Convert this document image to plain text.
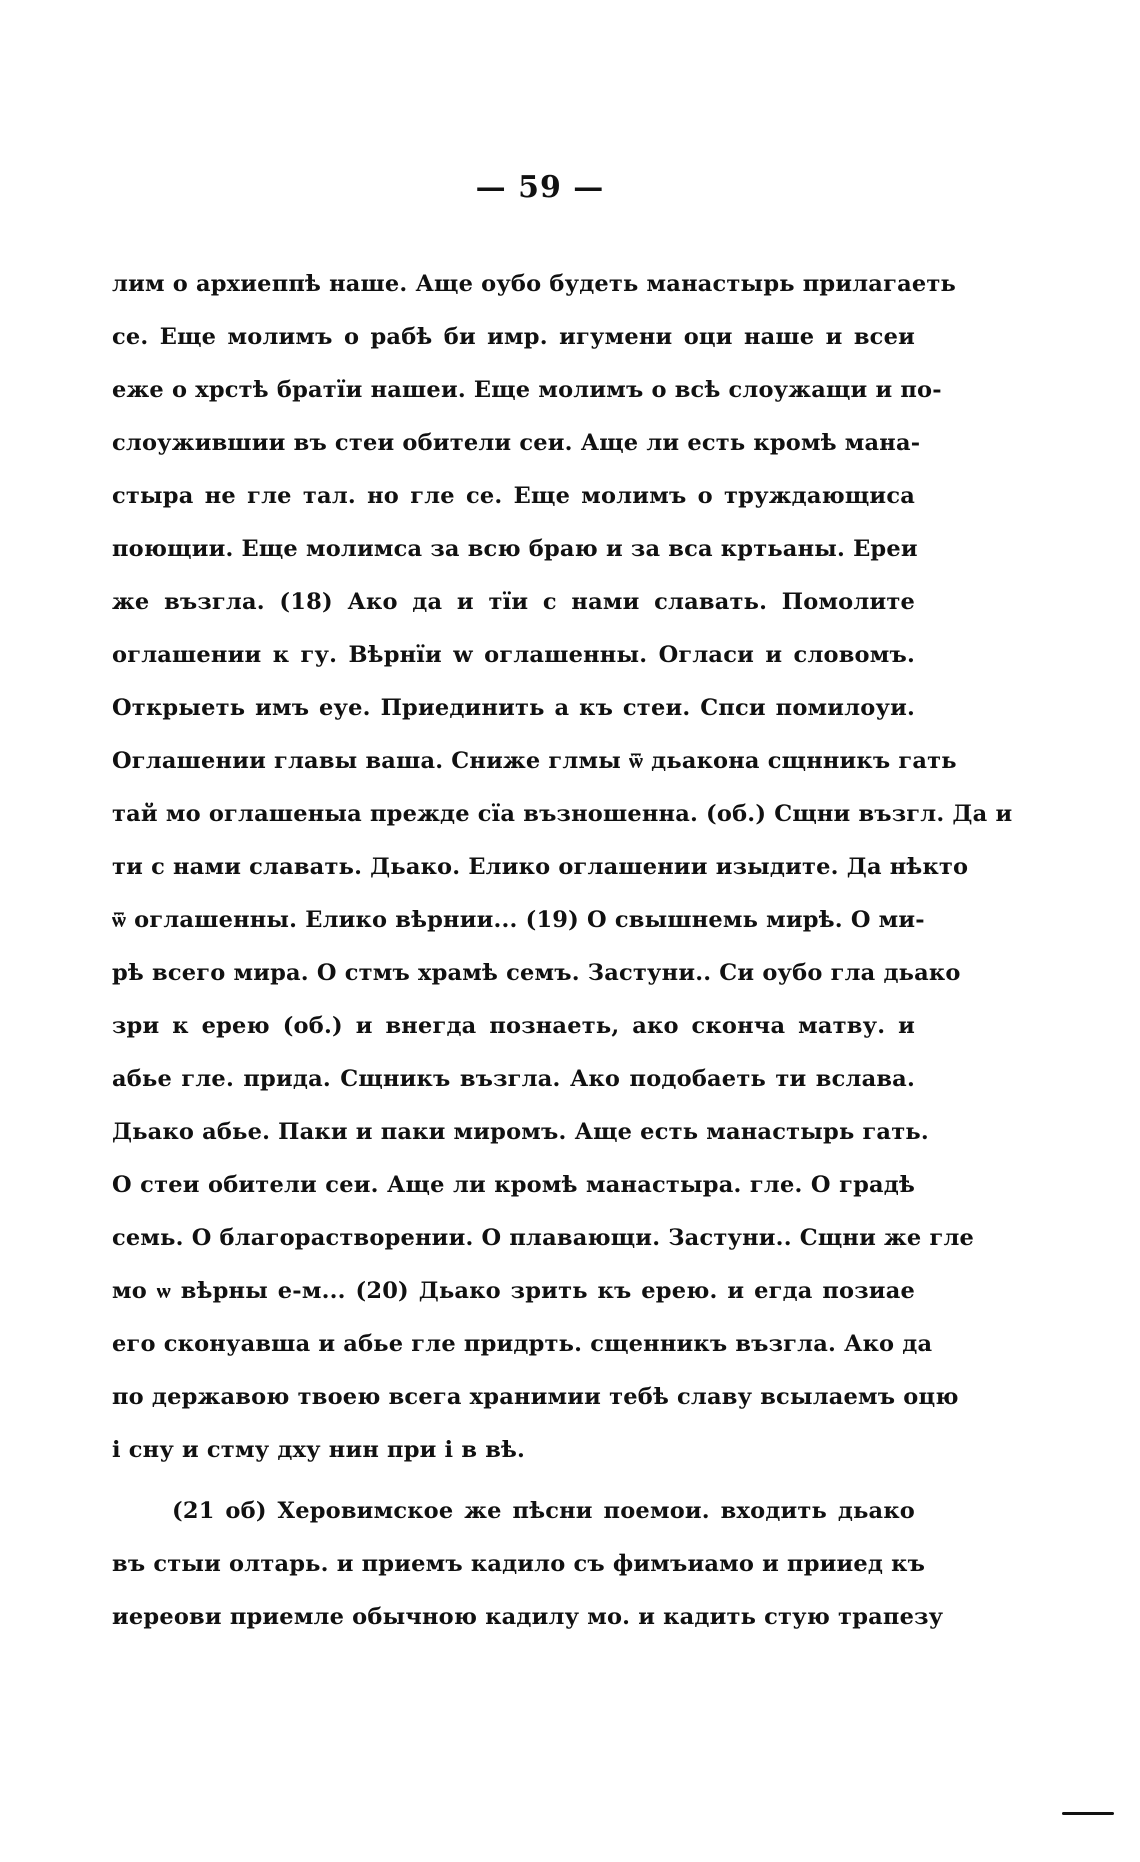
— 59 —
лим о архиеппѣ наше. Аще оубо будеть манастырь прилагаеть
се. Еще молимъ о рабѣ би имр. игумени оци наше и всеи
еже о хрстѣ братїи нашеи. Еще молимъ о всѣ слоужащи и по-
слоужившии въ стеи обители сеи. Аще ли есть кромѣ мана-
стыра не гле тал. но гле се. Еще молимъ о труждающиса
поющии. Еще молимса за всю браю и за вса кртьаны. Ереи
же възгла. (18) Ако да и тїи с нами славать. Помолите
оглашении к гу. Вѣрнїи w оглашенны. Огласи и словомъ.
Открыеть имъ еуе. Приединить а къ стеи. Спси помилоуи.
Оглашении главы ваша. Сниже глмы ѿ дьакона сщнникъ гать
тай мо оглашеныа прежде сїа възношенна. (об.) Сщни възгл. Да и
ти с нами славать. Дьако. Елико оглашении изыдите. Да нѣкто
ѿ оглашенны. Елико вѣрнии... (19) О свышнемь мирѣ. О ми-
рѣ всего мира. О стмъ храмѣ семъ. Застуни.. Си оубо гла дьако
зри к ерею (об.) и внегда познаеть, ако сконча матву. и
абье гле. прида. Сщникъ възгла. Ако подобаеть ти вслава.
Дьако абье. Паки и паки миромъ. Аще есть манастырь гать.
О стеи обители сеи. Аще ли кромѣ манастыра. гле. О градѣ
семь. О благорастворении. О плавающи. Застуни.. Сщни же гле
мо ѡ вѣрны е-м... (20) Дьако зрить къ ерею. и егда позиае
его сконуавша и абье гле придрть. сщенникъ възгла. Ако да
по державою твоею всега хранимии тебѣ славу всылаемъ оцю
і сну и стму дху нин при і в вѣ.
(21 об) Херовимское же пѣсни поемои. входить дьако
въ стыи олтарь. и приемъ кадило съ фимъиамо и прииед къ
иереови приемле обычною кадилу мо. и кадить стую трапезу
